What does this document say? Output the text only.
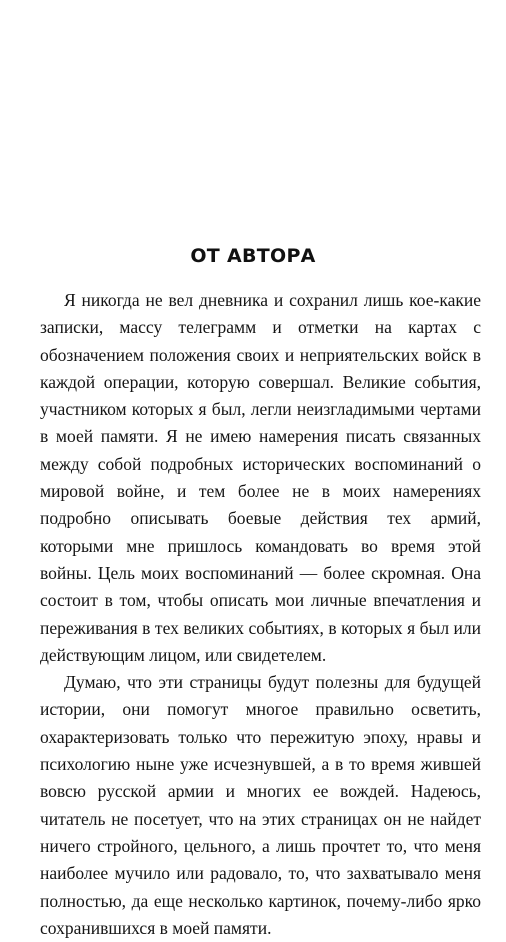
ОТ АВТОРА

Я никогда не вел дневника и сохранил лишь кое-какие записки, массу телеграмм и отметки на картах с обозначением положения своих и неприятельских войск в каждой операции, которую совершал. Великие события, участником которых я был, легли неизгладимыми чертами в моей памяти. Я не имею намерения писать связанных между собой подробных исторических воспоминаний о мировой войне, и тем более не в моих намерениях подробно описывать боевые действия тех армий, которыми мне пришлось командовать во время этой войны. Цель моих воспоминаний — более скромная. Она состоит в том, чтобы описать мои личные впечатления и переживания в тех великих событиях, в которых я был или действующим лицом, или свидетелем.

Думаю, что эти страницы будут полезны для будущей истории, они помогут многое правильно осветить, охарактеризовать только что пережитую эпоху, нравы и психологию ныне уже исчезнувшей, а в то время жившей вовсю русской армии и многих ее вождей. Надеюсь, читатель не посетует, что на этих страницах он не найдет ничего стройного, цельного, а лишь прочтет то, что меня наиболее мучило или радовало, то, что захватывало меня полностью, да еще несколько картинок, почему-либо ярко сохранившихся в моей памяти.
